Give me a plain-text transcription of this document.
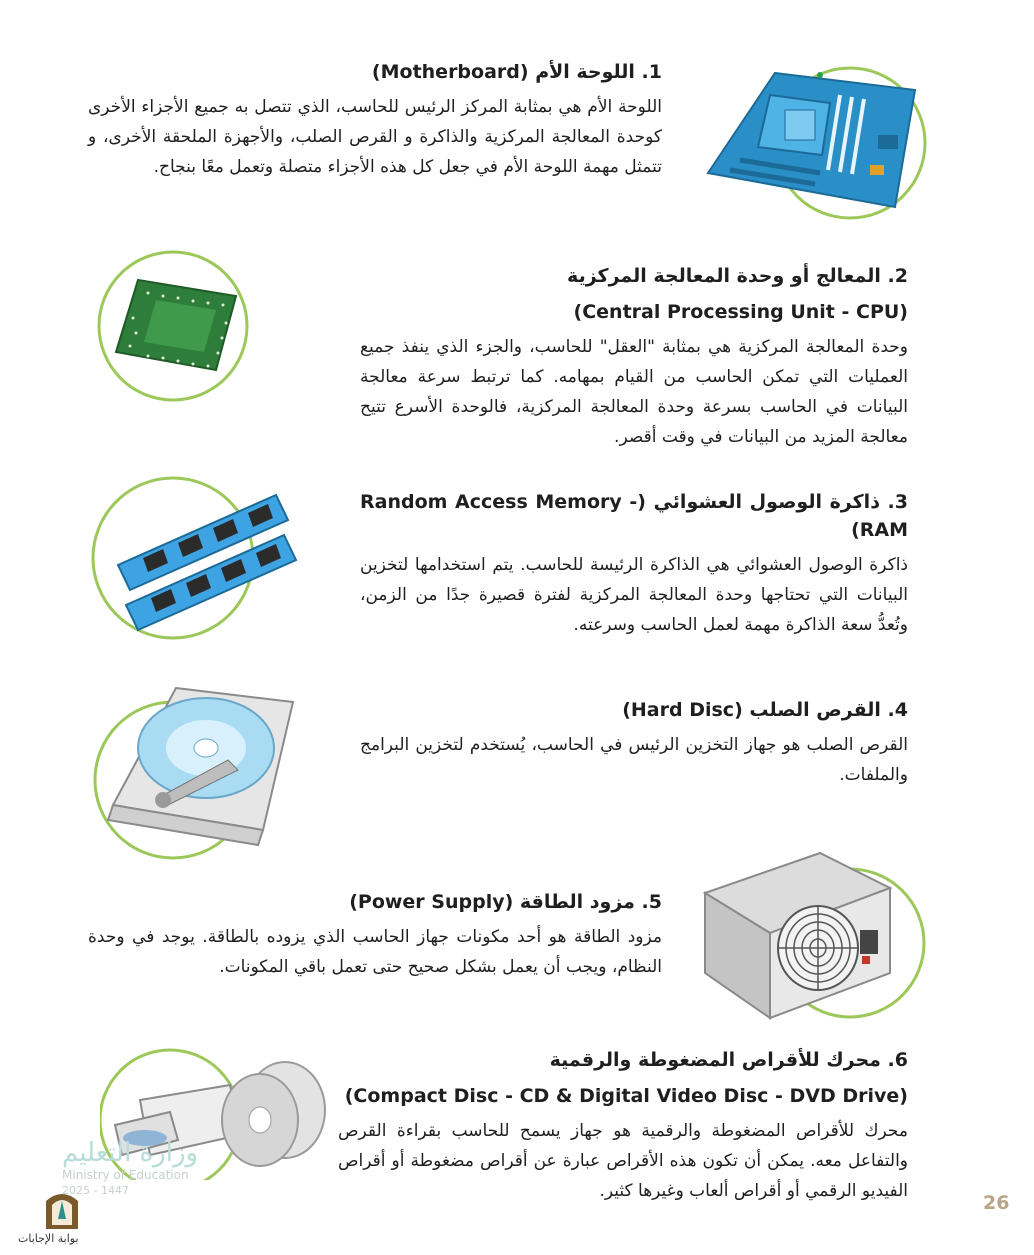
1. اللوحة الأم (Motherboard)

اللوحة الأم هي بمثابة المركز الرئيس للحاسب، الذي تتصل به جميع الأجزاء الأخرى كوحدة المعالجة المركزية والذاكرة و القرص الصلب، والأجهزة الملحقة الأخرى، و تتمثل مهمة اللوحة الأم في جعل كل هذه الأجزاء متصلة وتعمل معًا بنجاح.

2. المعالج أو وحدة المعالجة المركزية
(Central Processing Unit - CPU)

وحدة المعالجة المركزية هي بمثابة "العقل" للحاسب، والجزء الذي ينفذ جميع العمليات التي تمكن الحاسب من القيام بمهامه. كما ترتبط سرعة معالجة البيانات في الحاسب بسرعة وحدة المعالجة المركزية، فالوحدة الأسرع تتيح معالجة المزيد من البيانات في وقت أقصر.

3. ذاكرة الوصول العشوائي (Random Access Memory - RAM)

ذاكرة الوصول العشوائي هي الذاكرة الرئيسة للحاسب. يتم استخدامها لتخزين البيانات التي تحتاجها وحدة المعالجة المركزية لفترة قصيرة جدًا من الزمن، وتُعدُّ سعة الذاكرة مهمة لعمل الحاسب وسرعته.

4. القرص الصلب (Hard Disc)

القرص الصلب هو جهاز التخزين الرئيس في الحاسب، يُستخدم لتخزين البرامج والملفات.

5. مزود الطاقة (Power Supply)

مزود الطاقة هو أحد مكونات جهاز الحاسب الذي يزوده بالطاقة. يوجد في وحدة النظام، ويجب أن يعمل بشكل صحيح حتى تعمل باقي المكونات.

6. محرك للأقراص المضغوطة والرقمية
(Compact Disc - CD & Digital Video Disc - DVD Drive)

محرك للأقراص المضغوطة والرقمية هو جهاز يسمح للحاسب بقراءة القرص والتفاعل معه. يمكن أن تكون هذه الأقراص عبارة عن أقراص مضغوطة أو أقراص الفيديو الرقمي أو أقراص ألعاب وغيرها كثير.

وزارة التعليم
Ministry of Education
2025 - 1447
بوابة الإجابات
26
